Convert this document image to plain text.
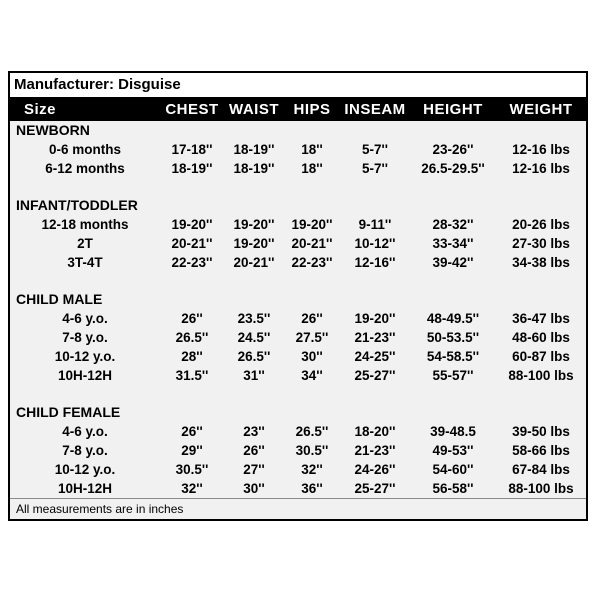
Manufacturer: Disguise
Size	CHEST	WAIST	HIPS	INSEAM	HEIGHT	WEIGHT
NEWBORN						
0-6 months	17-18''	18-19''	18''	5-7''	23-26''	12-16 lbs
6-12 months	18-19''	18-19''	18''	5-7''	26.5-29.5''	12-16 lbs

INFANT/TODDLER						
12-18 months	19-20''	19-20''	19-20''	9-11''	28-32''	20-26 lbs
2T	20-21''	19-20''	20-21''	10-12''	33-34''	27-30 lbs
3T-4T	22-23''	20-21''	22-23''	12-16''	39-42''	34-38 lbs

CHILD MALE						
4-6 y.o.	26''	23.5''	26''	19-20''	48-49.5''	36-47 lbs
7-8 y.o.	26.5''	24.5''	27.5''	21-23''	50-53.5''	48-60 lbs
10-12 y.o.	28''	26.5''	30''	24-25''	54-58.5''	60-87 lbs
10H-12H	31.5''	31''	34''	25-27''	55-57''	88-100 lbs

CHILD FEMALE						
4-6 y.o.	26''	23''	26.5''	18-20''	39-48.5	39-50 lbs
7-8 y.o.	29''	26''	30.5''	21-23''	49-53''	58-66 lbs
10-12 y.o.	30.5''	27''	32''	24-26''	54-60''	67-84 lbs
10H-12H	32''	30''	36''	25-27''	56-58''	88-100 lbs
All measurements are in inches						
